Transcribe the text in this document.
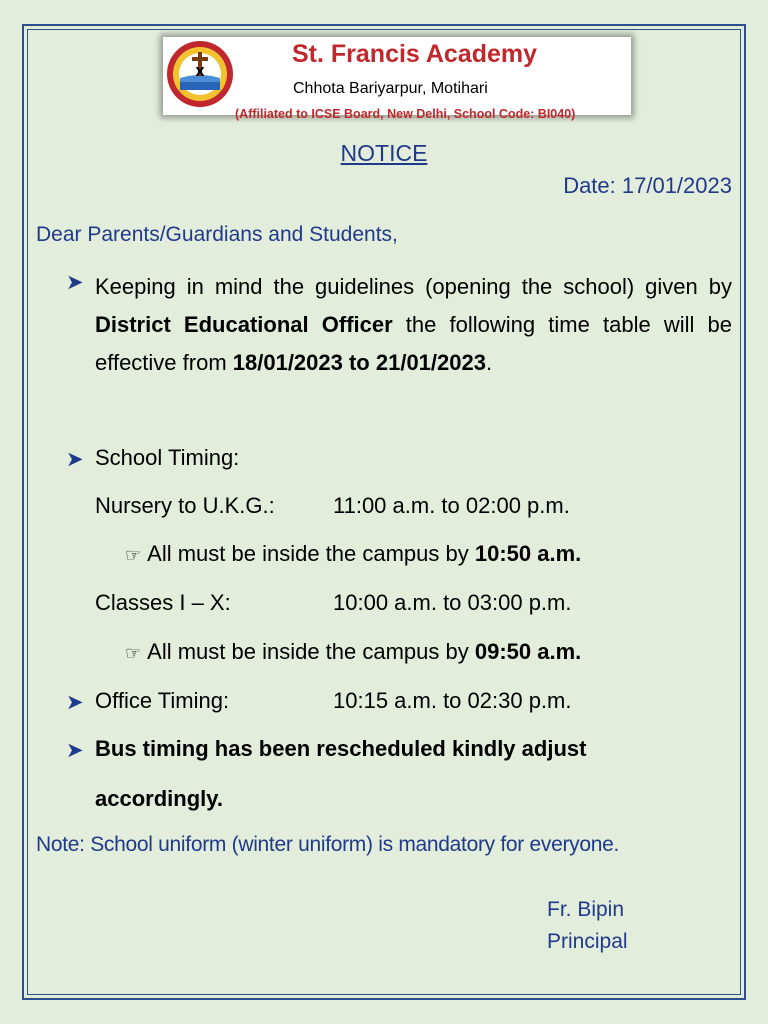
X
St. Francis Academy
Chhota Bariyarpur, Motihari
(Affiliated to ICSE Board, New Delhi, School Code: BI040)
NOTICE
Date: 17/01/2023
Dear Parents/Guardians and Students,
➤ Keeping in mind the guidelines (opening the school) given by District Educational Officer the following time table will be effective from 18/01/2023 to 21/01/2023.
➤ School Timing:
Nursery to U.K.G.:	11:00 a.m. to 02:00 p.m.
☞ All must be inside the campus by 10:50 a.m.
Classes I – X:	10:00 a.m. to 03:00 p.m.
☞ All must be inside the campus by 09:50 a.m.
➤ Office Timing:	10:15 a.m. to 02:30 p.m.
➤ Bus timing has been rescheduled kindly adjust
accordingly.
Note: School uniform (winter uniform) is mandatory for everyone.
Fr. Bipin
Principal
